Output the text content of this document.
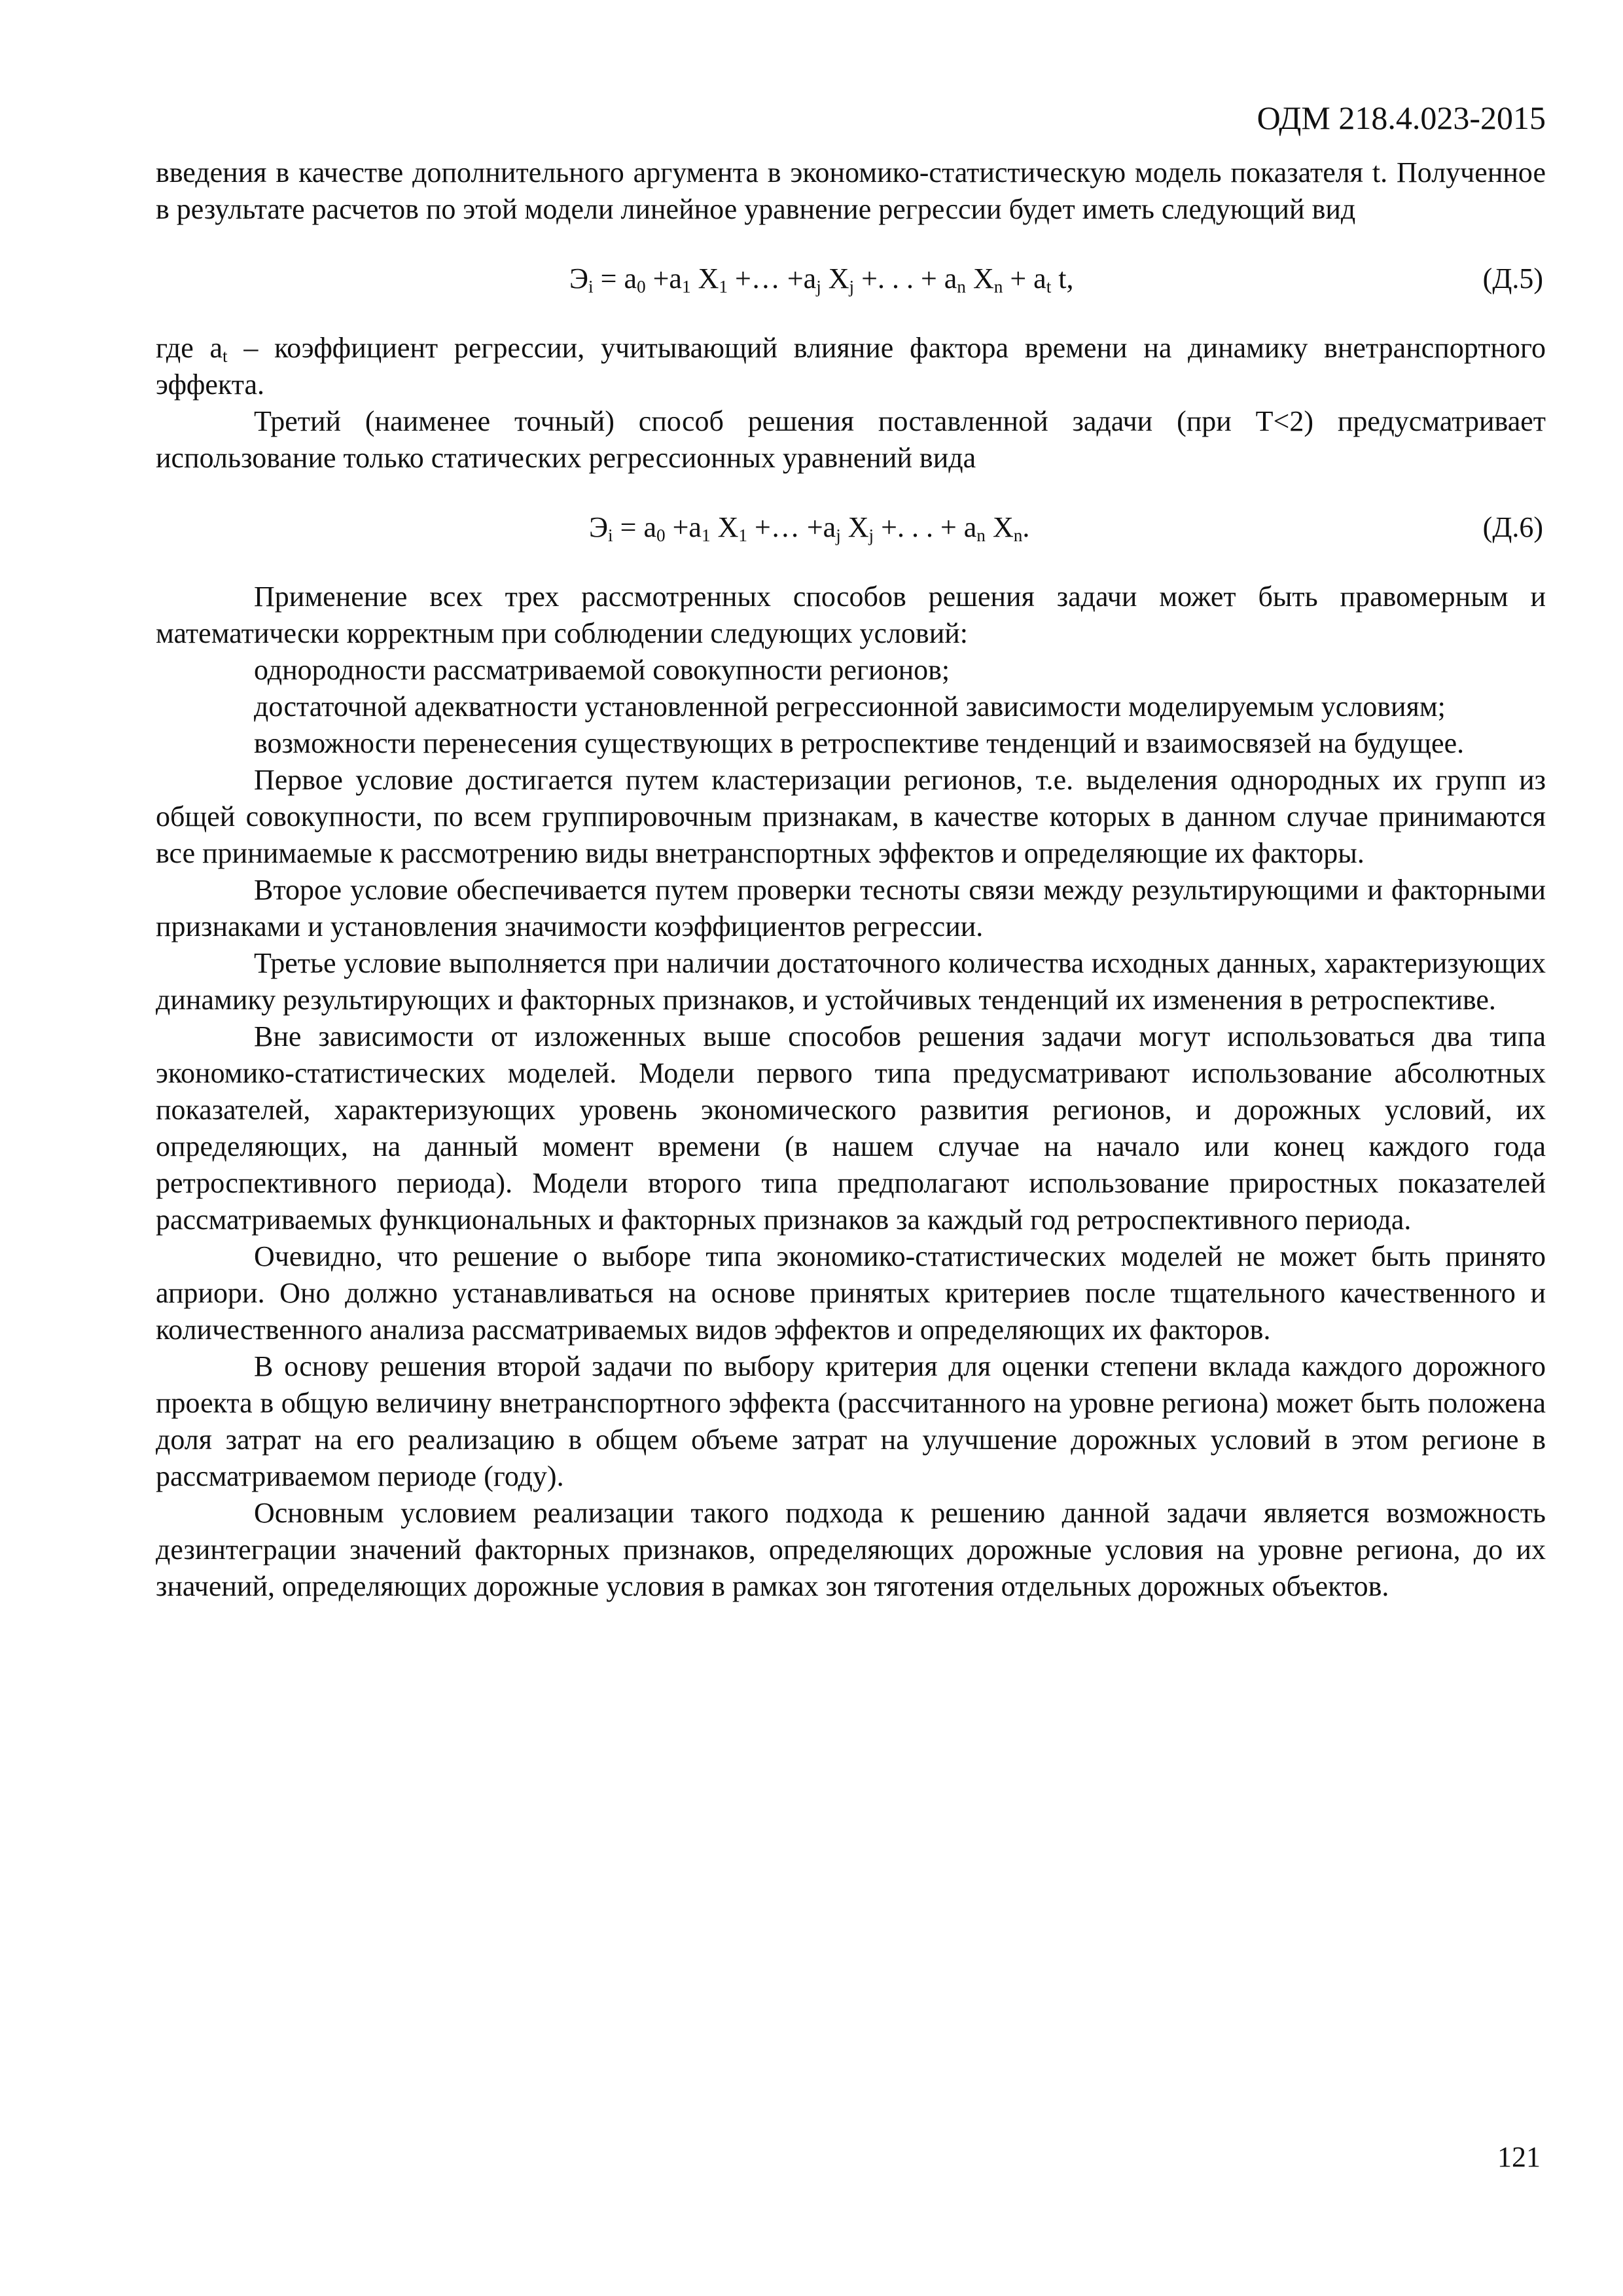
ОДМ 218.4.023-2015

введения в качестве дополнительного аргумента в экономико-статистическую модель показателя t. Полученное в результате расчетов по этой модели линейное уравнение регрессии будет иметь следующий вид

$Э_i = a_0 +a_1$ $X_1$ +… $+a_j$ $X_j$ +. . . + $a_n$ $X_n + a_t$ t,	(Д.5)

где $a_t$ – коэффициент регрессии, учитывающий влияние фактора времени на динамику внетранспортного эффекта.

Третий (наименее точный) способ решения поставленной задачи (при Т<2) предусматривает использование только статических регрессионных уравнений вида

$Э_i = a_0 +a_1$ $X_1$ +… $+a_j$ $X_j$ +. . . + $a_n$ $X_n$.	(Д.6)

Применение всех трех рассмотренных способов решения задачи может быть правомерным и математически корректным при соблюдении следующих условий:

однородности рассматриваемой совокупности регионов;

достаточной адекватности установленной регрессионной зависимости моделируемым условиям;

возможности перенесения существующих в ретроспективе тенденций и взаимосвязей на будущее.

Первое условие достигается путем кластеризации регионов, т.е. выделения однородных их групп из общей совокупности, по всем группировочным признакам, в качестве которых в данном случае принимаются все принимаемые к рассмотрению виды внетранспортных эффектов и определяющие их факторы.

Второе условие обеспечивается путем проверки тесноты связи между результирующими и факторными признаками и установления значимости коэффициентов регрессии.

Третье условие выполняется при наличии достаточного количества исходных данных, характеризующих динамику результирующих и факторных признаков, и устойчивых тенденций их изменения в ретроспективе.

Вне зависимости от изложенных выше способов решения задачи могут использоваться два типа экономико-статистических моделей. Модели первого типа предусматривают использование абсолютных показателей, характеризующих уровень экономического развития регионов, и дорожных условий, их определяющих, на данный момент времени (в нашем случае на начало или конец каждого года ретроспективного периода). Модели второго типа предполагают использование приростных показателей рассматриваемых функциональных и факторных признаков за каждый год ретроспективного периода.

Очевидно, что решение о выборе типа экономико-статистических моделей не может быть принято априори. Оно должно устанавливаться на основе принятых критериев после тщательного качественного и количественного анализа рассматриваемых видов эффектов и определяющих их факторов.

В основу решения второй задачи по выбору критерия для оценки степени вклада каждого дорожного проекта в общую величину внетранспортного эффекта (рассчитанного на уровне региона) может быть положена доля затрат на его реализацию в общем объеме затрат на улучшение дорожных условий в этом регионе в рассматриваемом периоде (году).

Основным условием реализации такого подхода к решению данной задачи является возможность дезинтеграции значений факторных признаков, определяющих дорожные условия на уровне региона, до их значений, определяющих дорожные условия в рамках зон тяготения отдельных дорожных объектов.

121
